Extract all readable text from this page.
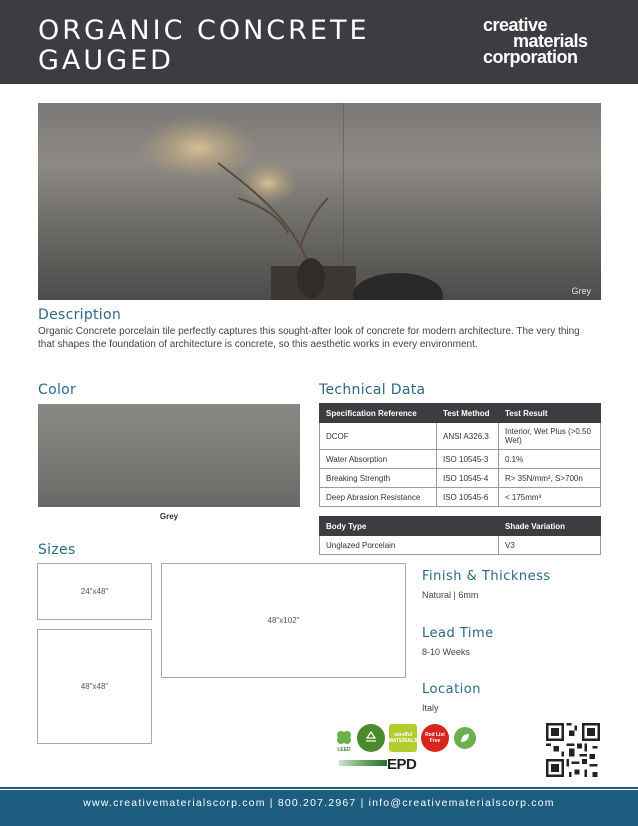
ORGANIC CONCRETE
GAUGED
creative
materials
corporation
Grey
Description
Organic Concrete porcelain tile perfectly captures this sought-after look of concrete for modern architecture. The very thing that shapes the foundation of architecture is concrete, so this aesthetic works in every environment.
Color
Grey
Technical Data
Specification Reference	Test Method	Test Result
DCOF	ANSI A326.3	Interior, Wet Plus (>0.50 Wet)
Water Absorption	ISO 10545-3	0.1%
Breaking Strength	ISO 10545-4	R> 35N/mm², S>700n
Deep Abrasion Resistance	ISO 10545-6	< 175mm³
Body Type	Shade Variation
Unglazed Porcelain	V3
Sizes
24"x48"
48"x48"
48"x102"
Finish & Thickness
Natural | 6mm
Lead Time
8-10 Weeks
Location
Italy
LEED
mindful MATERIALS
Red List Free
EPD
www.creativematerialscorp.com | 800.207.2967 | info@creativematerialscorp.com
